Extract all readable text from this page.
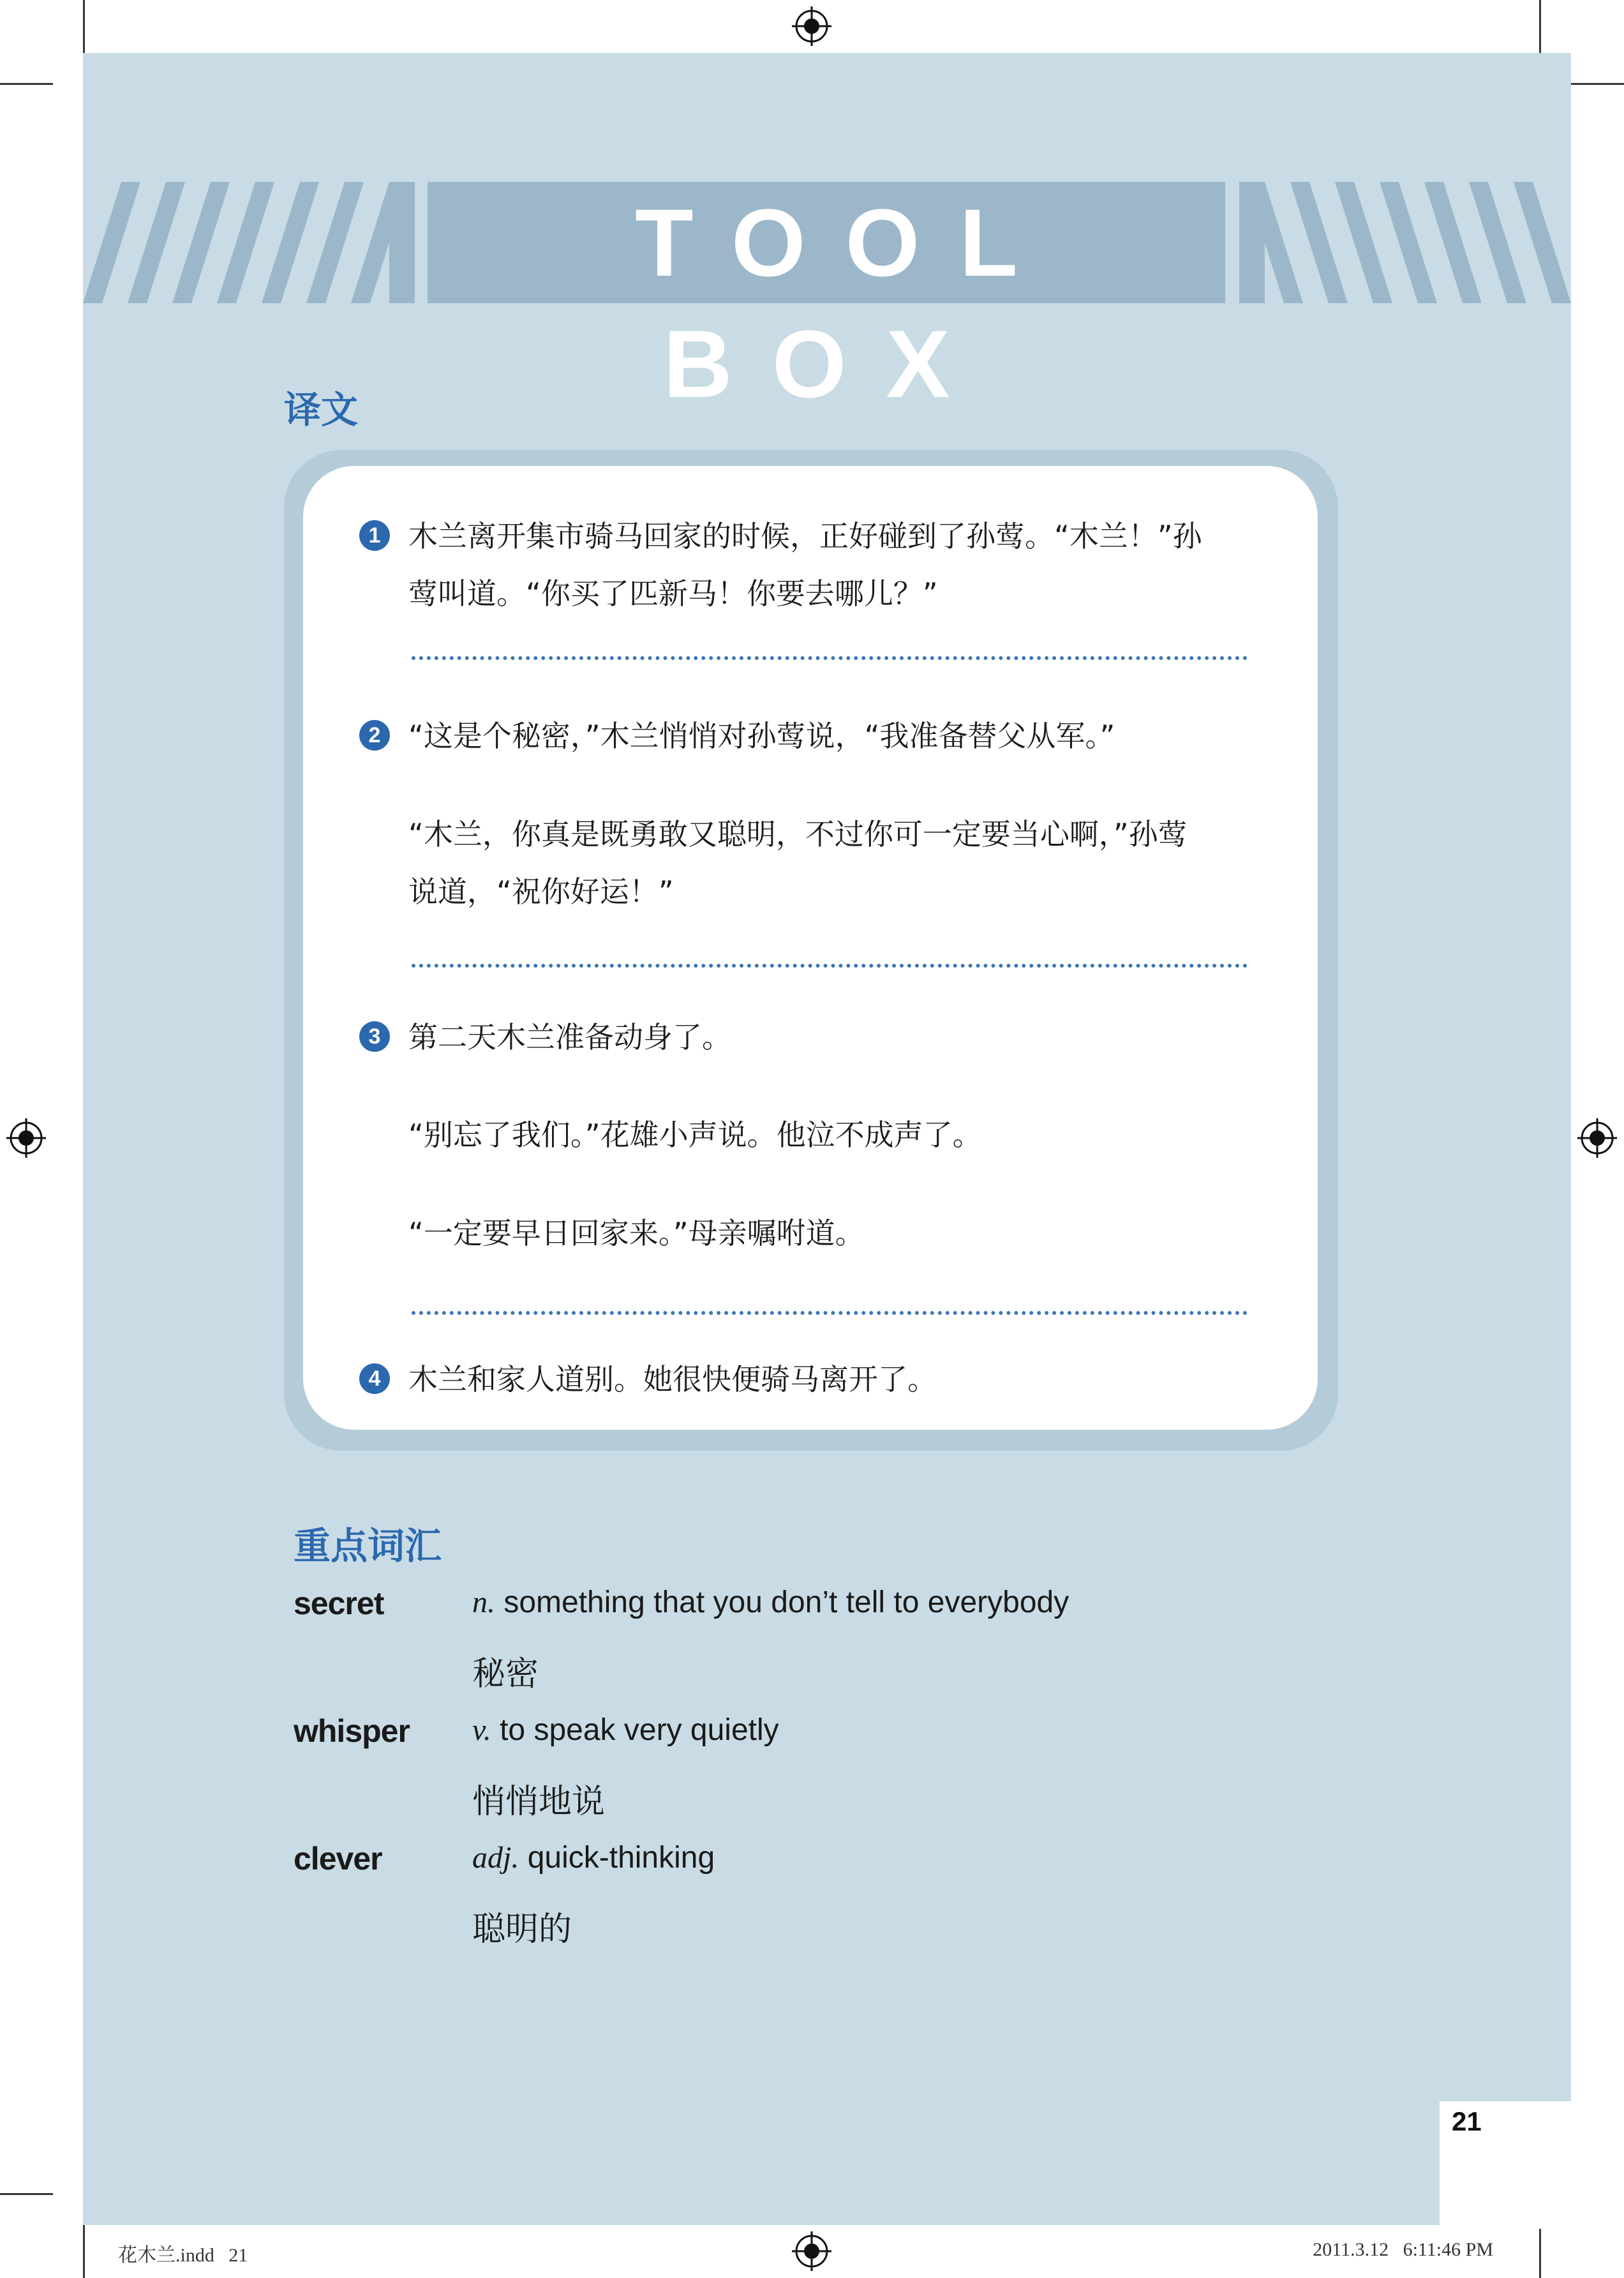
TOOL BOX
译文
1 木兰离开集市骑马回家的时候，正好碰到了孙莺。“木兰！”孙
莺叫道。“你买了匹新马！你要去哪儿？”
2 “这是个秘密，”木兰悄悄对孙莺说，“我准备替父从军。”
“木兰，你真是既勇敢又聪明，不过你可一定要当心啊，”孙莺
说道，“祝你好运！”
3 第二天木兰准备动身了。
“别忘了我们。”花雄小声说。他泣不成声了。
“一定要早日回家来。”母亲嘱咐道。
4 木兰和家人道别。她很快便骑马离开了。
重点词汇
secret	n. something that you don’t tell to everybody
秘密
whisper v. to speak very quietly
悄悄地说
clever	adj. quick-thinking
聪明的
21
花木兰.indd   21	2011.3.12   6:11:46 PM
